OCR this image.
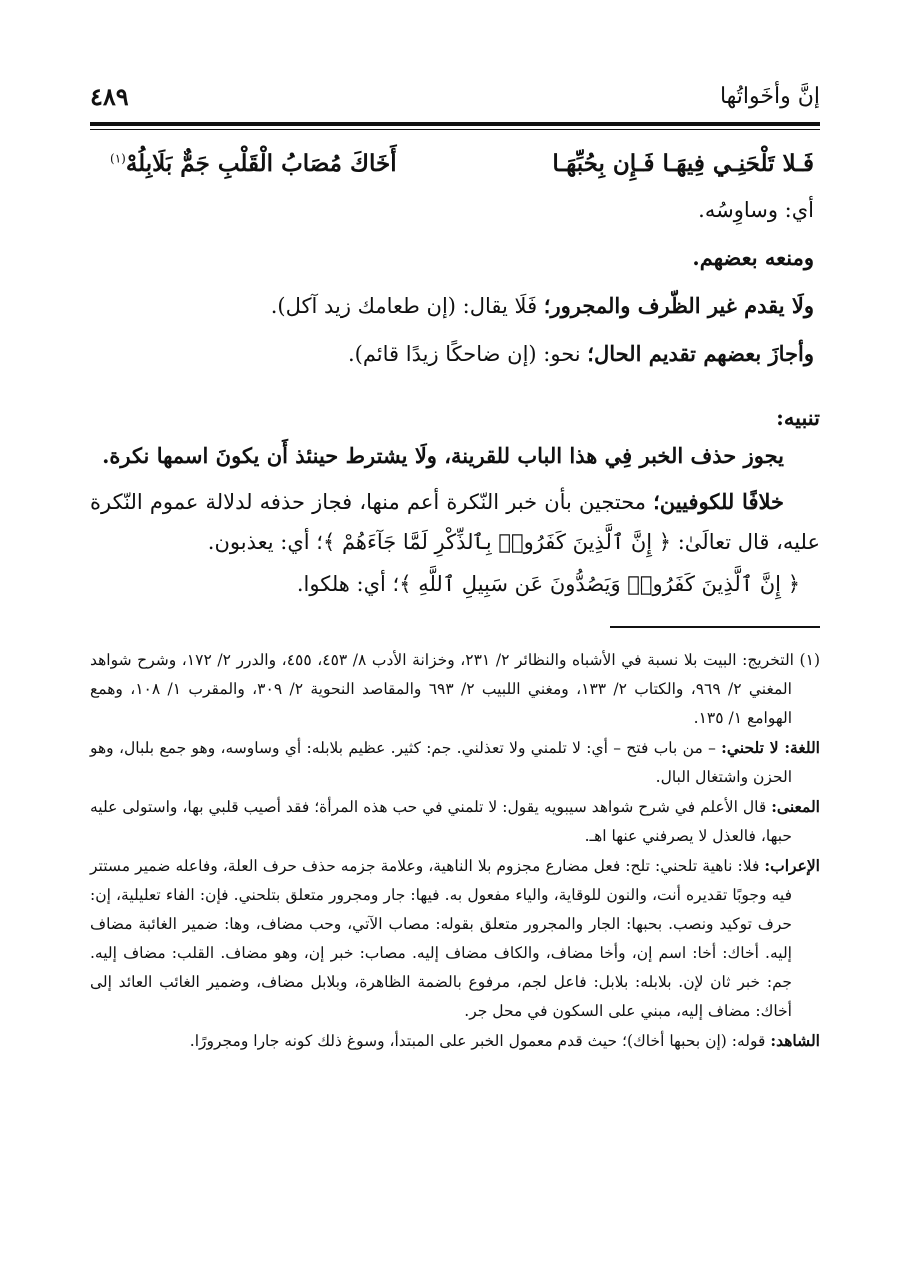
إنَّ وأخَواتُها
٤٨٩
فَـلا تَلْحَنِـي فِيهَـا فَـإِن بِحُبِّهَـا
أَخَاكَ مُصَابُ الْقَلْبِ جَمٌّ بَلَابِلُهْ$^{(١)}$
أي: وساوِسُه.
ومنعه بعضهم.
ولَا يقدم غير الظّرف والمجرور؛ فَلَا يقال: (إن طعامك زيد آكل).
وأجازَ بعضهم تقديم الحال؛ نحو: (إن ضاحكًا زيدًا قائم).
تنبيه:
يجوز حذف الخبر فِي هذا الباب للقرينة، ولَا يشترط حينئذ أَن يكونَ اسمها نكرة.
خلافًا للكوفيين؛ محتجين بأن خبر النّكرة أعم منها، فجاز حذفه لدلالة عموم النّكرة عليه، قال تعالَىٰ: ﴿ إِنَّ ٱلَّذِينَ كَفَرُوا۟ بِٱلذِّكْرِ لَمَّا جَآءَهُمْ ﴾؛ أي: يعذبون.
﴿ إِنَّ ٱلَّذِينَ كَفَرُوا۟ وَيَصُدُّونَ عَن سَبِيلِ ٱللَّهِ ﴾؛ أي: هلكوا.

(١) التخريج: البيت بلا نسبة في الأشباه والنظائر ٢/ ٢٣١، وخزانة الأدب ٨/ ٤٥٣، ٤٥٥، والدرر ٢/ ١٧٢، وشرح شواهد المغني ٢/ ٩٦٩، والكتاب ٢/ ١٣٣، ومغني اللبيب ٢/ ٦٩٣ والمقاصد النحوية ٢/ ٣٠٩، والمقرب ١/ ١٠٨، وهمع الهوامع ١/ ١٣٥.

اللغة: لا تلحني: – من باب فتح – أي: لا تلمني ولا تعذلني. جم: كثير. عظيم بلابله: أي وساوسه، وهو جمع بلبال، وهو الحزن واشتغال البال.

المعنى: قال الأعلم في شرح شواهد سيبويه يقول: لا تلمني في حب هذه المرأة؛ فقد أصيب قلبي بها، واستولى عليه حبها، فالعذل لا يصرفني عنها اهـ.

الإعراب: فلا: ناهية تلحني: تلح: فعل مضارع مجزوم بلا الناهية، وعلامة جزمه حذف حرف العلة، وفاعله ضمير مستتر فيه وجوبًا تقديره أنت، والنون للوقاية، والياء مفعول به. فيها: جار ومجرور متعلق بتلحني. فإن: الفاء تعليلية، إن: حرف توكيد ونصب. بحبها: الجار والمجرور متعلق بقوله: مصاب الآتي، وحب مضاف، وها: ضمير الغائبة مضاف إليه. أخاك: أخا: اسم إن، وأخا مضاف، والكاف مضاف إليه. مصاب: خبر إن، وهو مضاف. القلب: مضاف إليه. جم: خبر ثان لإن. بلابله: بلابل: فاعل لجم، مرفوع بالضمة الظاهرة، وبلابل مضاف، وضمير الغائب العائد إلى أخاك: مضاف إليه، مبني على السكون في محل جر.

الشاهد: قوله: (إن بحبها أخاك)؛ حيث قدم معمول الخبر على المبتدأ، وسوغ ذلك كونه جارا ومجرورًا.
